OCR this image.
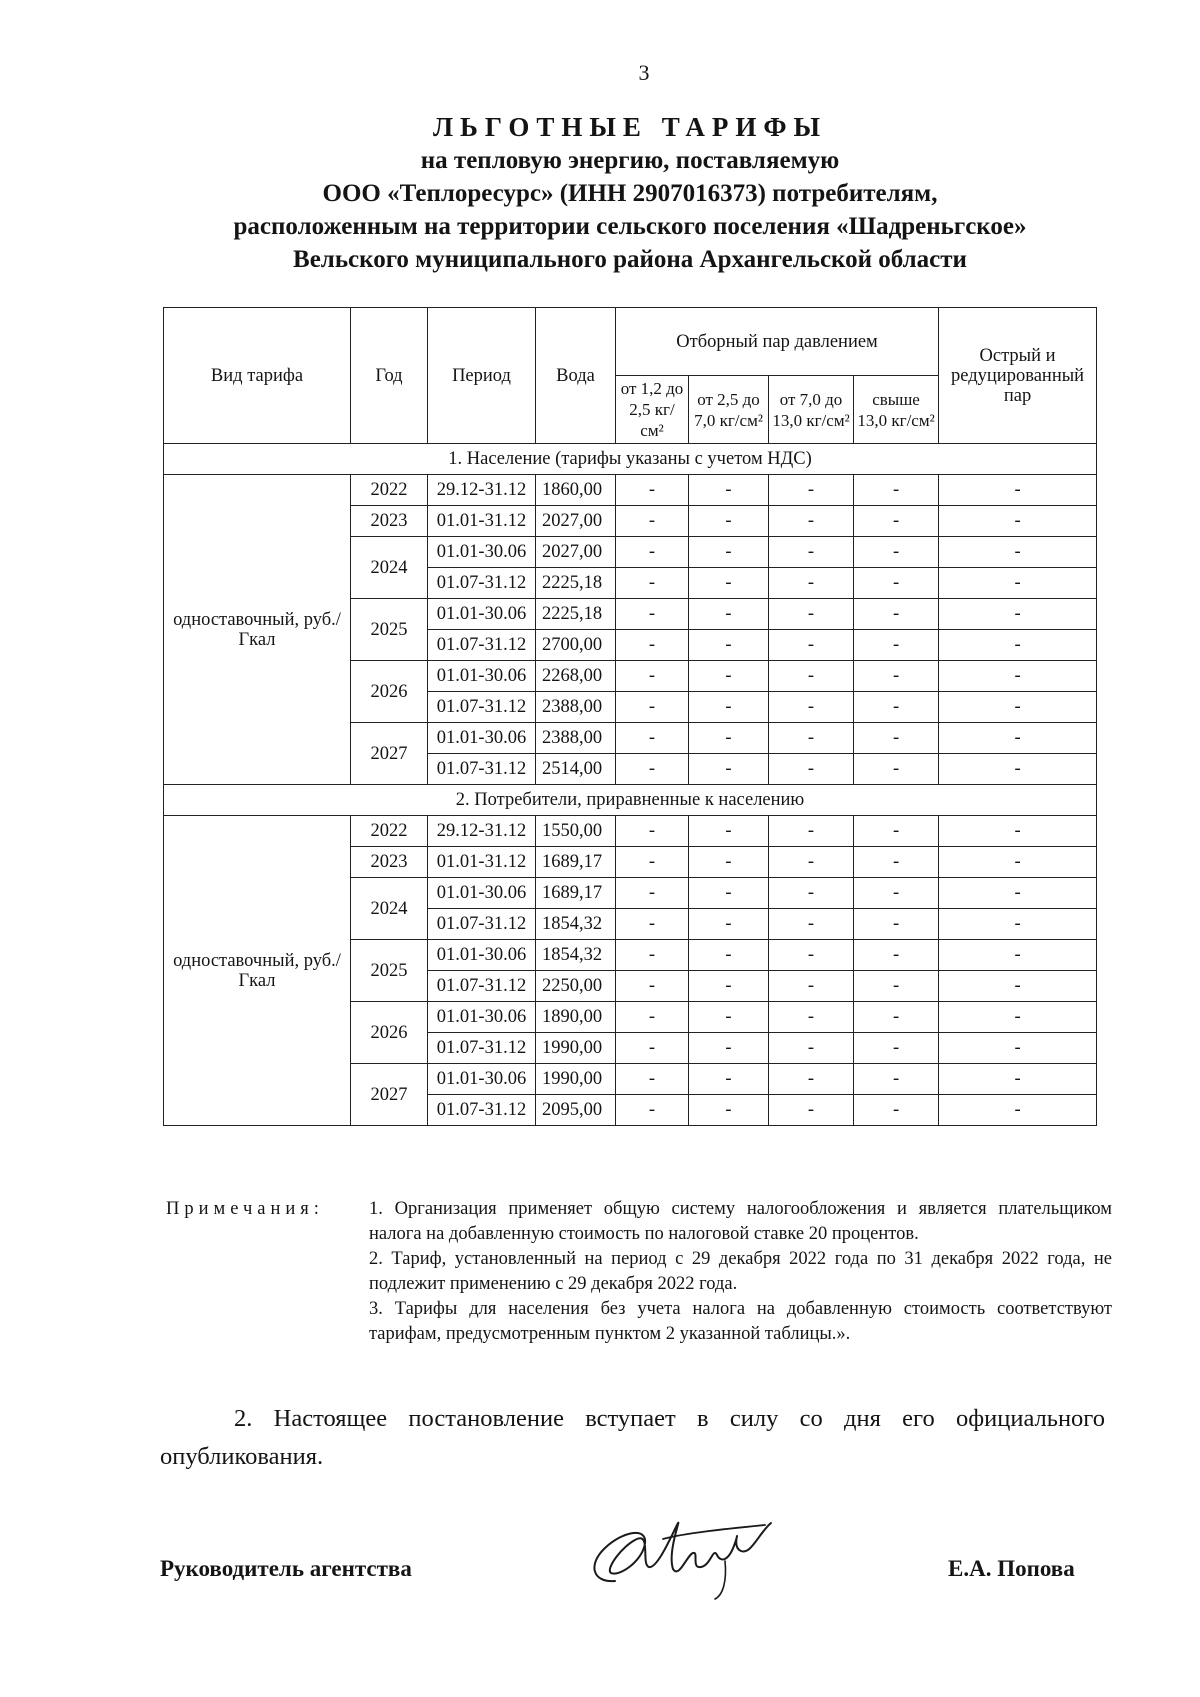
3
ЛЬГОТНЫЕ ТАРИФЫ
на тепловую энергию, поставляемую
ООО «Теплоресурс» (ИНН 2907016373) потребителям,
расположенным на территории сельского поселения «Шадреньгское»
Вельского муниципального района Архангельской области
Вид тарифа	Год	Период	Вода	Отборный пар давлением				Острый и редуцированный пар
				от 1,2 до 2,5 кг/см²	от 2,5 до 7,0 кг/см²	от 7,0 до 13,0 кг/см²	свыше 13,0 кг/см²	
1. Население (тарифы указаны с учетом НДС)								
одноставочный, руб./Гкал	2022	29.12-31.12	1860,00	-	-	-	-	-
	2023	01.01-31.12	2027,00	-	-	-	-	-
	2024	01.01-30.06	2027,00	-	-	-	-	-
		01.07-31.12	2225,18	-	-	-	-	-
	2025	01.01-30.06	2225,18	-	-	-	-	-
		01.07-31.12	2700,00	-	-	-	-	-
	2026	01.01-30.06	2268,00	-	-	-	-	-
		01.07-31.12	2388,00	-	-	-	-	-
	2027	01.01-30.06	2388,00	-	-	-	-	-
		01.07-31.12	2514,00	-	-	-	-	-
2. Потребители, приравненные к населению								
одноставочный, руб./Гкал	2022	29.12-31.12	1550,00	-	-	-	-	-
	2023	01.01-31.12	1689,17	-	-	-	-	-
	2024	01.01-30.06	1689,17	-	-	-	-	-
		01.07-31.12	1854,32	-	-	-	-	-
	2025	01.01-30.06	1854,32	-	-	-	-	-
		01.07-31.12	2250,00	-	-	-	-	-
	2026	01.01-30.06	1890,00	-	-	-	-	-
		01.07-31.12	1990,00	-	-	-	-	-
	2027	01.01-30.06	1990,00	-	-	-	-	-
		01.07-31.12	2095,00	-	-	-	-	-
Примечания: 1. Организация применяет общую систему налогообложения и является плательщиком налога на добавленную стоимость по налоговой ставке 20 процентов.

2. Тариф, установленный на период с 29 декабря 2022 года по 31 декабря 2022 года, не подлежит применению с 29 декабря 2022 года.

3. Тарифы для населения без учета налога на добавленную стоимость соответствуют тарифам, предусмотренным пунктом 2 указанной таблицы.».

2. Настоящее постановление вступает в силу со дня его официального опубликования.
Руководитель агентства	Е.А. Попова
